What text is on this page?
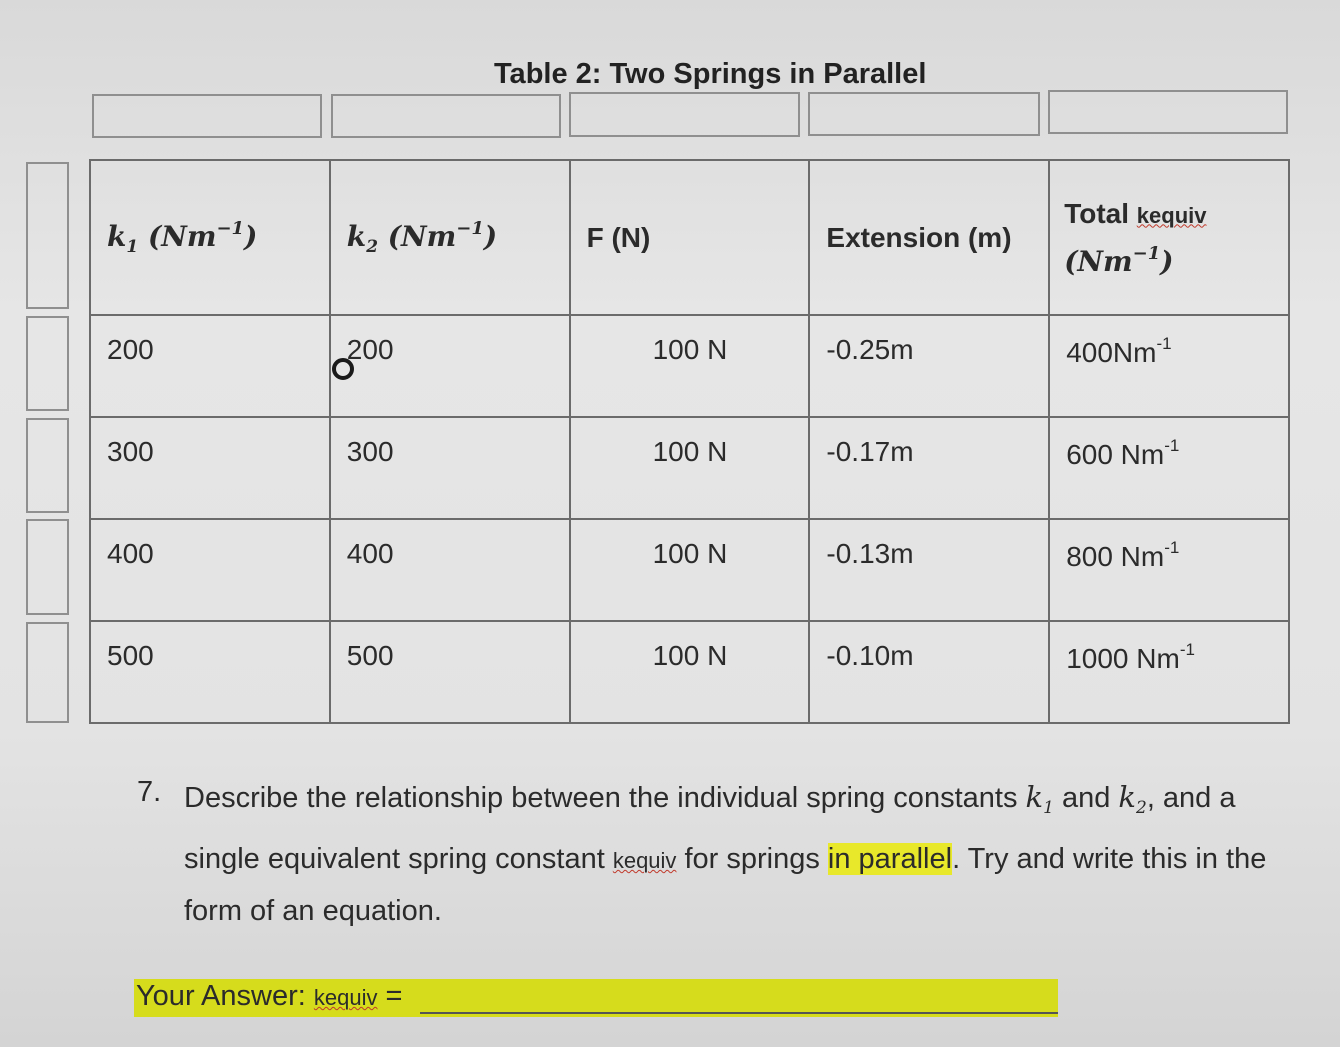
Table 2: Two Springs in Parallel
$k_1$ $(Nm^{-1})$	$k_2$ $(Nm^{-1})$	F (N)	Extension (m)	Total kequiv
$(Nm^{-1})$

200	200	100 N	-0.25m	$400Nm^{-1}$

300	300	100 N	-0.17m	600 $Nm^{-1}$

400	400	100 N	-0.13m	800 $Nm^{-1}$

500	500	100 N	-0.10m	1000 $Nm^{-1}$
7. Describe the relationship between the individual spring constants $k_1$ and $k_2$, and a single equivalent spring constant kequiv for springs in parallel. Try and write this in the form of an equation.
Your Answer: kequiv =
